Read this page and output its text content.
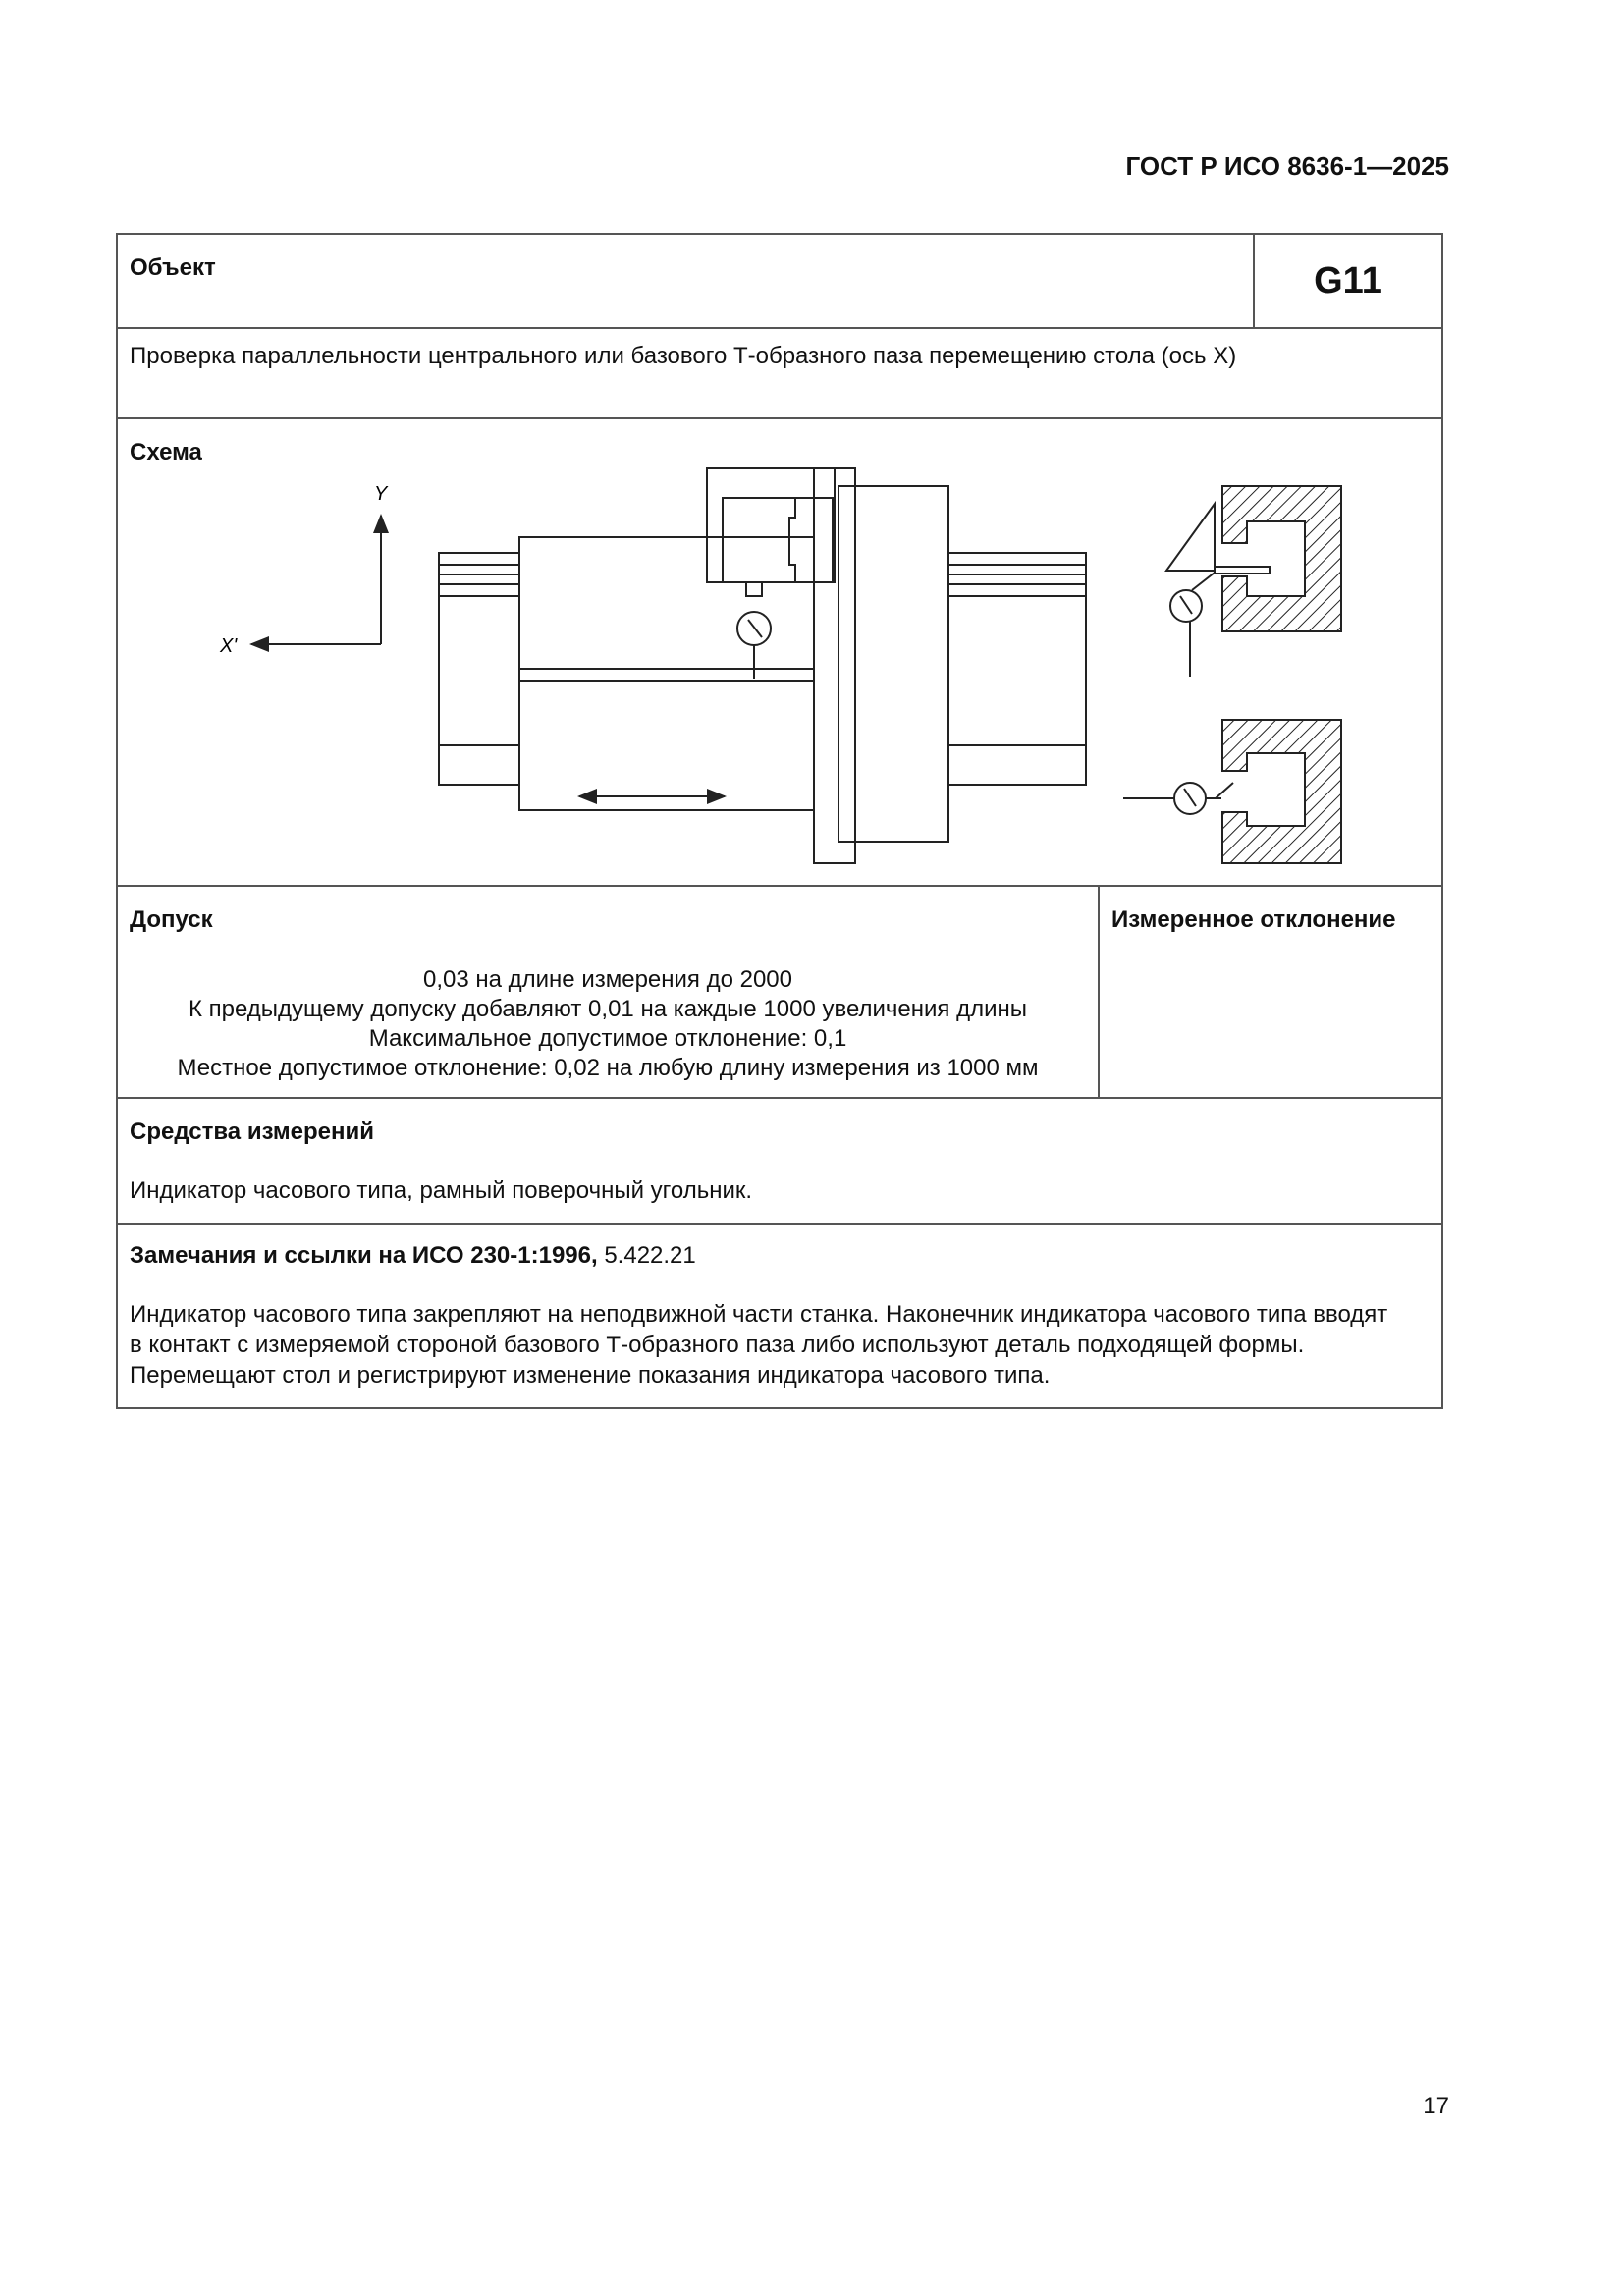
ГОСТ Р ИСО 8636-1—2025
Объект	G11
Проверка параллельности центрального или базового Т-образного паза перемещению стола (ось X)
Схема
Y
X'
Допуск
0,03 на длине измерения до 2000
К предыдущему допуску добавляют 0,01 на каждые 1000 увеличения длины
Максимальное допустимое отклонение: 0,1
Местное допустимое отклонение: 0,02 на любую длину измерения из 1000 мм
Измеренное отклонение
Средства измерений
Индикатор часового типа, рамный поверочный угольник.
Замечания и ссылки на ИСО 230-1:1996, 5.422.21
Индикатор часового типа закрепляют на неподвижной части станка. Наконечник индикатора часового типа вводят
в контакт с измеряемой стороной базового Т-образного паза либо используют деталь подходящей формы.
Перемещают стол и регистрируют изменение показания индикатора часового типа.
17
